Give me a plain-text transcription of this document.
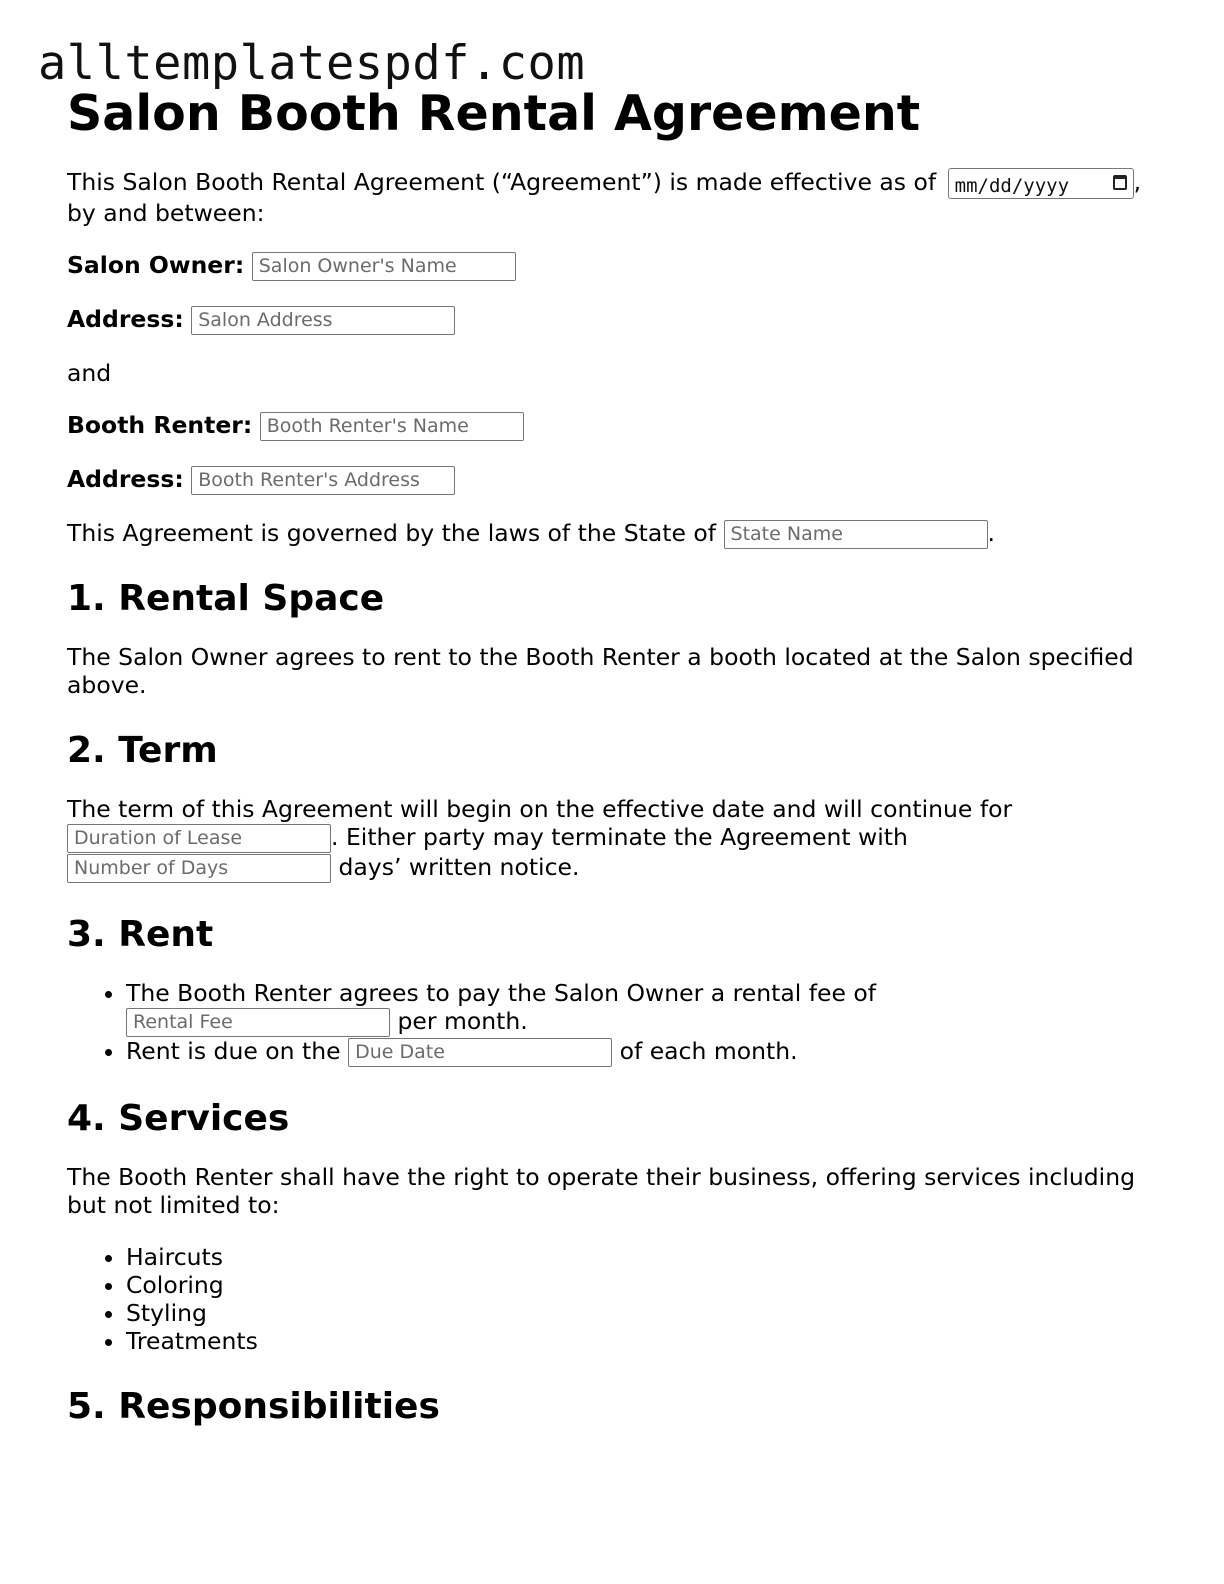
alltemplatespdf.com
Salon Booth Rental Agreement

This Salon Booth Rental Agreement (“Agreement”) is made effective as of mm/dd/yyyy	,
by and between:

Salon Owner: Salon Owner's Name

Address: Salon Address

and

Booth Renter: Booth Renter's Name

Address: Booth Renter's Address

This Agreement is governed by the laws of the State of State Name	.

1. Rental Space

The Salon Owner agrees to rent to the Booth Renter a booth located at the Salon specified above.

2. Term

The term of this Agreement will begin on the effective date and will continue for
Duration of Lease	. Either party may terminate the Agreement with
Number of Days	days’ written notice.

3. Rent
• The Booth Renter agrees to pay the Salon Owner a rental fee of
Rental Fee	per month.
• Rent is due on the Due Date	of each month.
4. Services

The Booth Renter shall have the right to operate their business, offering services including but not limited to:

• Haircuts
• Coloring
• Styling
• Treatments
5. Responsibilities
